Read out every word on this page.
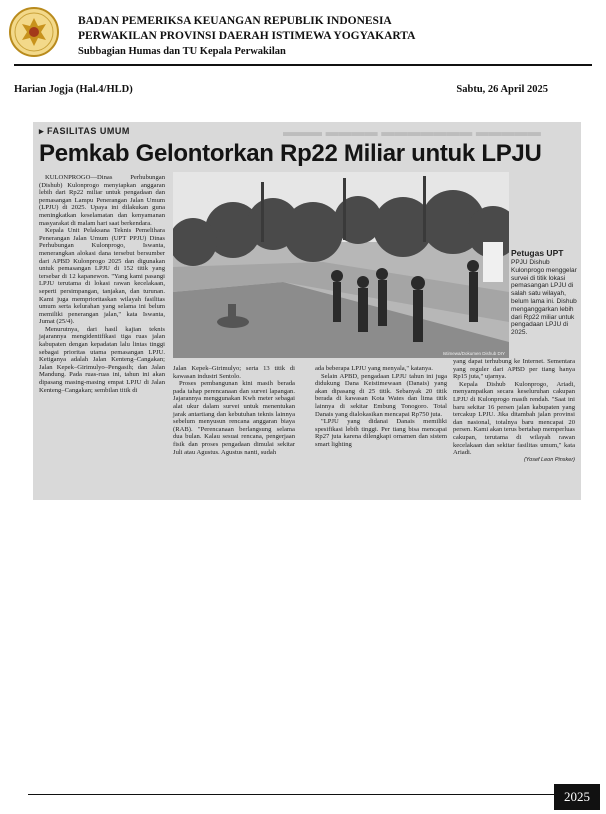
BADAN PEMERIKSA KEUANGAN REPUBLIK INDONESIA
PERWAKILAN PROVINSI DAERAH ISTIMEWA YOGYAKARTA
Subbagian Humas dan TU Kepala Perwakilan
Harian Jogja (Hal.4/HLD)	Sabtu, 26 April 2025
▸ FASILITAS UMUM	▬▬▬ ▬▬▬▬ ▬▬▬▬▬▬▬ ▬▬▬▬▬
Pemkab Gelontorkan Rp22 Miliar untuk LPJU
Istimewa/Dokumen Dishub DIY
Petugas UPT
PPJU Dishub Kulonprogo menggelar survei di titik lokasi pemasangan LPJU di salah satu wilayah, belum lama ini. Dishub menganggarkan lebih dari Rp22 miliar untuk pengadaan LPJU di 2025.

KULONPROGO—Dinas Perhubungan (Dishub) Kulonprogo menyiapkan anggaran lebih dari Rp22 miliar untuk pengadaan dan pemasangan Lampu Penerangan Jalan Umum (LPJU) di 2025. Upaya ini dilakukan guna meningkatkan keselamatan dan kenyamanan masyarakat di malam hari saat berkendara.

Kepala Unit Pelaksana Teknis Pemelihara Penerangan Jalan Umum (UPT PPJU) Dinas Perhubungan Kulonprogo, Iswanta, menerangkan alokasi dana tersebut bersumber dari APBD Kulonprogo 2025 dan digunakan untuk pemasangan LPJU di 152 titik yang tersebar di 12 kapanewon. "Yang kami pasangi LPJU terutama di lokasi rawan kecelakaan, seperti persimpangan, tanjakan, dan turunan. Kami juga memprioritaskan wilayah fasilitas umum serta kelurahan yang selama ini belum memiliki penerangan jalan," kata Iswanta, Jumat (25/4).

Menurutnya, dari hasil kajian teknis jajarannya mengidentifikasi tiga ruas jalan kabupaten dengan kepadatan lalu lintas tinggi sebagai prioritas utama pemasangan LPJU. Ketiganya adalah Jalan Kenteng–Cangakan; Jalan Kepek–Girimulyo–Pengasih; dan Jalan Mandung. Pada ruas-ruas ini, tahun ini akan dipasang masing-masing empat LPJU di Jalan Kenteng–Cangakan; sembilan titik di

Jalan Kepek–Girimulyo; serta 13 titik di kawasan industri Sentolo.

Proses pembangunan kini masih berada pada tahap perencanaan dan survei lapangan. Jajarannya menggunakan Kwh meter sebagai alat ukur dalam survei untuk menentukan jarak antartiang dan kebutuhan teknis lainnya sebelum menyusun rencana anggaran biaya (RAB). "Perencanaan berlangsung selama dua bulan. Kalau sesuai rencana, pengerjaan fisik dan proses pengadaan dimulai sekitar Juli atau Agustus. Agustus nanti, sudah

ada beberapa LPJU yang menyala," katanya.

Selain APBD, pengadaan LPJU tahun ini juga didukung Dana Keistimewaan (Danais) yang akan dipasang di 25 titik. Sebanyak 20 titik berada di kawasan Kota Wates dan lima titik lainnya di sekitar Embung Tonogoro. Total Danais yang dialokasikan mencapai Rp750 juta.

"LPJU yang didanai Danais memiliki spesifikasi lebih tinggi. Per tiang bisa mencapai Rp27 juta karena dilengkapi ornamen dan sistem smart lighting

yang dapat terhubung ke Internet. Sementara yang reguler dari APBD per tiang hanya Rp15 juta," ujarnya.

Kepala Dishub Kulonprogo, Ariadi, menyampaikan secara keseluruhan cakupan LPJU di Kulonprogo masih rendah. "Saat ini baru sekitar 16 persen jalan kabupaten yang tercakup LPJU. Jika ditambah jalan provinsi dan nasional, totalnya baru mencapai 20 persen. Kami akan terus bertahap memperluas cakupan, terutama di wilayah rawan kecelakaan dan sekitar fasilitas umum," kata Ariadi.

(Yosef Leon Pinsker)
2025
